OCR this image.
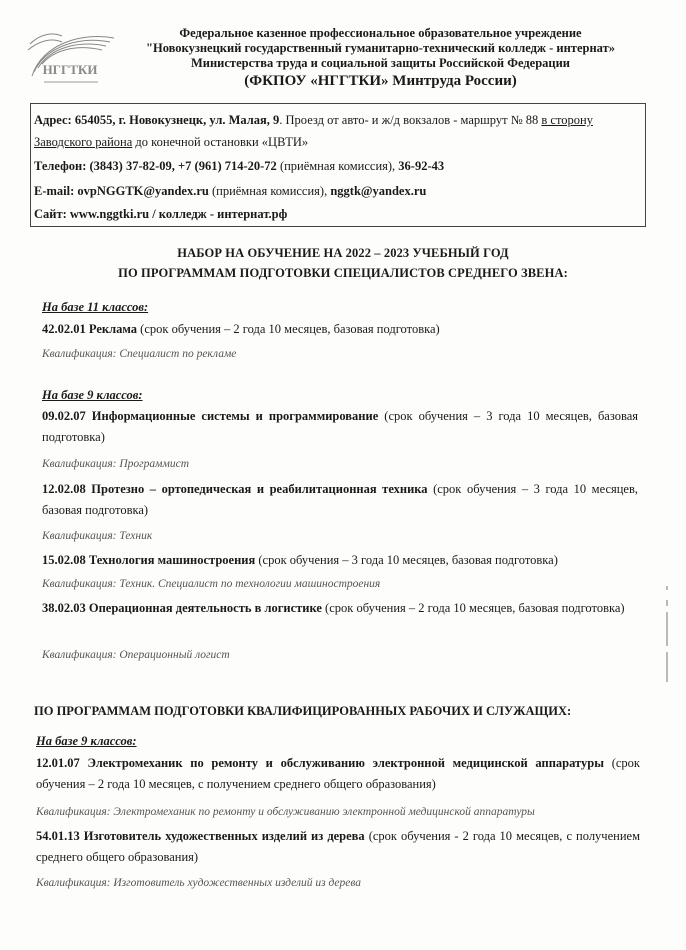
НГГТКИ
Федеральное казенное профессиональное образовательное учреждение
"Новокузнецкий государственный гуманитарно-технический колледж - интернат»
Министерства труда и социальной защиты Российской Федерации
(ФКПОУ «НГГТКИ» Минтруда России)
Адрес: 654055, г. Новокузнецк, ул. Малая, 9. Проезд от авто- и ж/д вокзалов - маршрут № 88 в сторону
Заводского района до конечной остановки «ЦВТИ»
Телефон: (3843) 37-82-09, +7 (961) 714-20-72 (приёмная комиссия), 36-92-43
E-mail: ovpNGGTK@yandex.ru (приёмная комиссия), nggtk@yandex.ru
Сайт: www.nggtki.ru / колледж - интернат.рф
НАБОР НА ОБУЧЕНИЕ НА 2022 – 2023 УЧЕБНЫЙ ГОД
ПО ПРОГРАММАМ ПОДГОТОВКИ СПЕЦИАЛИСТОВ СРЕДНЕГО ЗВЕНА:
На базе 11 классов:
42.02.01 Реклама (срок обучения – 2 года 10 месяцев, базовая подготовка)
Квалификация: Специалист по рекламе
На базе 9 классов:
09.02.07 Информационные системы и программирование (срок обучения – 3 года 10 месяцев, базовая подготовка)
Квалификация: Программист
12.02.08 Протезно – ортопедическая и реабилитационная техника (срок обучения – 3 года 10 месяцев, базовая подготовка)
Квалификация: Техник
15.02.08 Технология машиностроения (срок обучения – 3 года 10 месяцев, базовая подготовка)
Квалификация: Техник. Специалист по технологии машиностроения
38.02.03 Операционная деятельность в логистике (срок обучения – 2 года 10 месяцев, базовая подготовка)
Квалификация: Операционный логист
ПО ПРОГРАММАМ ПОДГОТОВКИ КВАЛИФИЦИРОВАННЫХ РАБОЧИХ И СЛУЖАЩИХ:
На базе 9 классов:
12.01.07 Электромеханик по ремонту и обслуживанию электронной медицинской аппаратуры (срок обучения – 2 года 10 месяцев, с получением среднего общего образования)
Квалификация: Электромеханик по ремонту и обслуживанию электронной медицинской аппаратуры
54.01.13 Изготовитель художественных изделий из дерева (срок обучения - 2 года 10 месяцев, с получением среднего общего образования)
Квалификация: Изготовитель художественных изделий из дерева
